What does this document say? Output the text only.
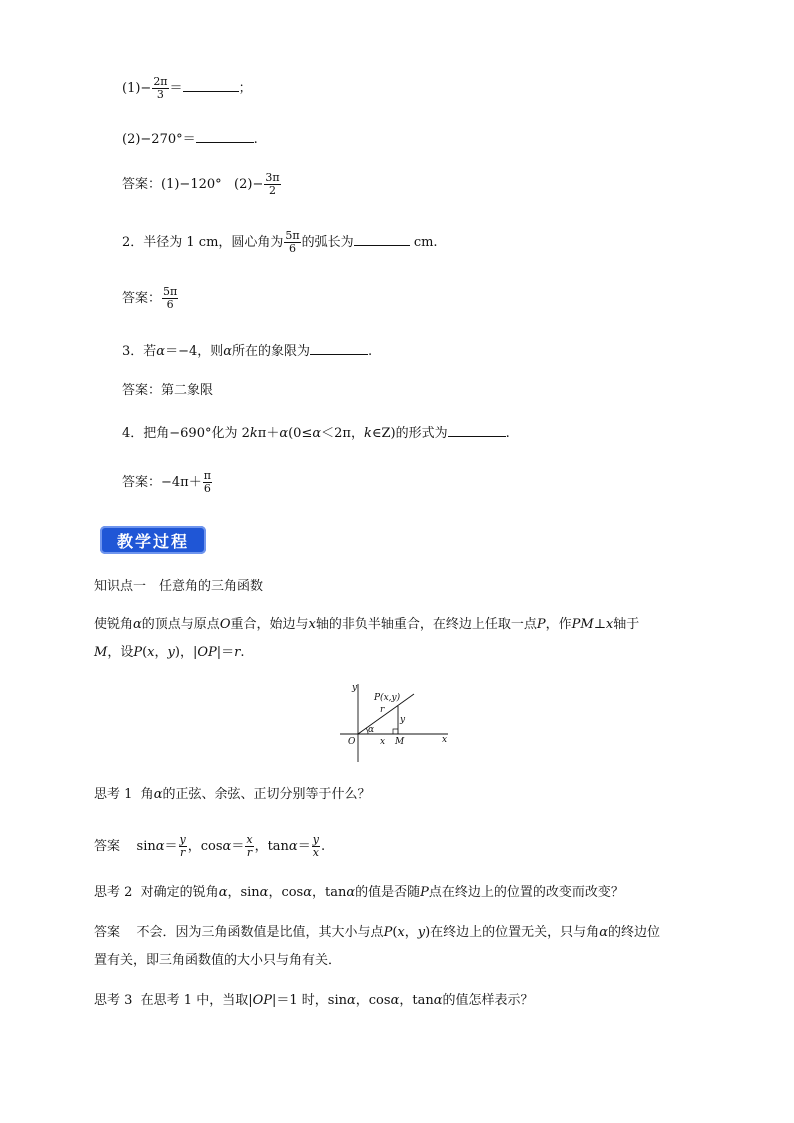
$(1)- \frac{2\pi}{3}$ ＝	；
(2)−270°＝	.
答案：(1)−120° $(2)- \frac{3\pi}{2}$
2．半径为 1 cm，圆心角为 $\frac{5\pi}{6}$ 的弧长为	cm.
答案： $\frac{5\pi}{6}$
3．若α＝−4，则α所在的象限为	.
答案：第二象限
4．把角−690°化为 2kπ＋α(0≤α＜2π，k∈Z)的形式为	.
答案：$-4\pi+ \frac{\pi}{6}$
教学过程
知识点一　任意角的三角函数
使锐角α的顶点与原点O重合，始边与x轴的非负半轴重合，在终边上任取一点P，作PM⊥x轴于
M，设P(x，y)，|OP|＝r.
y
x
P(x,y)
r
α
y
x
O	M
思考 1 角α的正弦、余弦、正切分别等于什么？
答案 $\sin\alpha= \frac{y}{r}$ ，$\cos\alpha= \frac{x}{r}$ ，$\tan\alpha= \frac{y}{x}$ .
思考 2 对确定的锐角α，sinα，cosα，tanα的值是否随P点在终边上的位置的改变而改变？
答案 不会．因为三角函数值是比值，其大小与点P(x，y)在终边上的位置无关，只与角α的终边位
置有关，即三角函数值的大小只与角有关．
思考 3 在思考 1 中，当取|OP|＝1 时，sinα，cosα，tanα的值怎样表示？
